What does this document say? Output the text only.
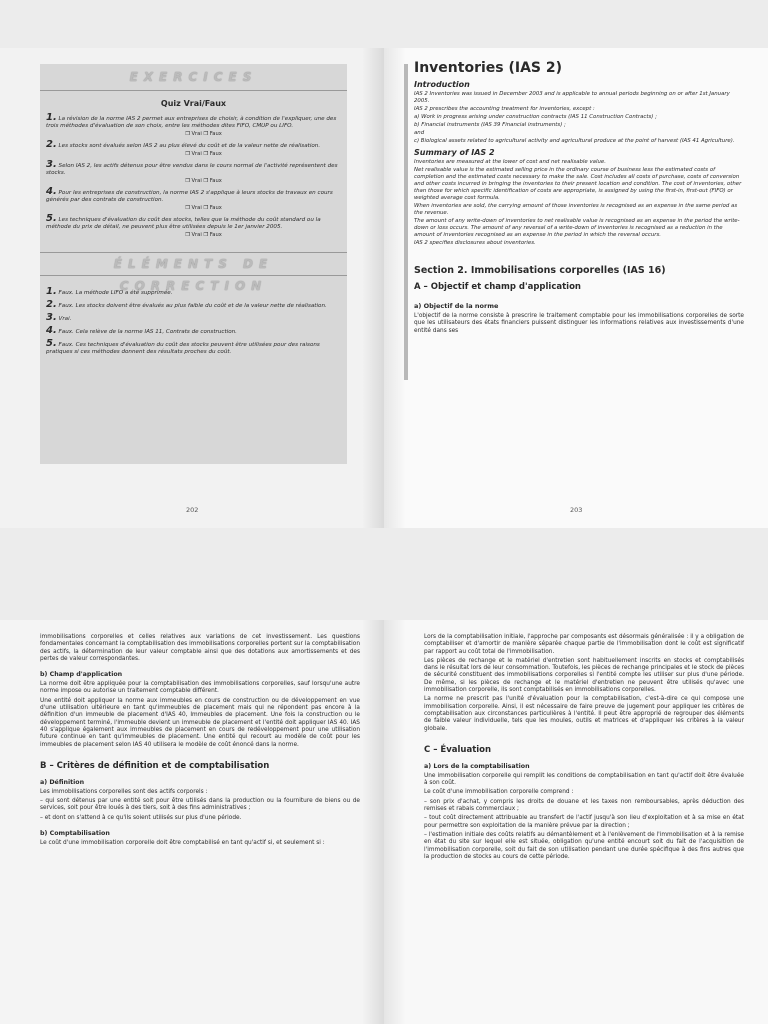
EXERCICES
Quiz Vrai/Faux
1. La révision de la norme IAS 2 permet aux entreprises de choisir, à condition de l'expliquer, une des trois méthodes d'évaluation de son choix, entre les méthodes dites FIFO, CMUP ou LIFO.
❒ Vrai ❒ Faux
2. Les stocks sont évalués selon IAS 2 au plus élevé du coût et de la valeur nette de réalisation.
❒ Vrai ❒ Faux
3. Selon IAS 2, les actifs détenus pour être vendus dans le cours normal de l'activité représentent des stocks.
❒ Vrai ❒ Faux
4. Pour les entreprises de construction, la norme IAS 2 s'applique à leurs stocks de travaux en cours générés par des contrats de construction.
❒ Vrai ❒ Faux
5. Les techniques d'évaluation du coût des stocks, telles que la méthode du coût standard ou la méthode du prix de détail, ne peuvent plus être utilisées depuis le 1er janvier 2005.
❒ Vrai ❒ Faux
ÉLÉMENTS DE CORRECTION
1. Faux. La méthode LIFO a été supprimée.
2. Faux. Les stocks doivent être évalués au plus faible du coût et de la valeur nette de réalisation.
3. Vrai.
4. Faux. Cela relève de la norme IAS 11, Contrats de construction.
5. Faux. Ces techniques d'évaluation du coût des stocks peuvent être utilisées pour des raisons pratiques si ces méthodes donnent des résultats proches du coût.
202
Inventories (IAS 2)
Introduction
IAS 2 Inventories was issued in December 2003 and is applicable to annual periods beginning on or after 1st January 2005.
IAS 2 prescribes the accounting treatment for inventories, except :
a) Work in progress arising under construction contracts (IAS 11 Construction Contracts) ;
b) Financial instruments (IAS 39 Financial instruments) ;
and
c) Biological assets related to agricultural activity and agricultural produce at the point of harvest (IAS 41 Agriculture).
Summary of IAS 2
Inventories are measured at the lower of cost and net realisable value.
Net realisable value is the estimated selling price in the ordinary course of business less the estimated costs of completion and the estimated costs necessary to make the sale. Cost includes all costs of purchase, costs of conversion and other costs incurred in bringing the inventories to their present location and condition. The cost of inventories, other than those for which specific identification of costs are appropriate, is assigned by using the first-in, first-out (FIFO) or weighted average cost formula.
When inventories are sold, the carrying amount of those inventories is recognised as an expense in the same period as the revenue.
The amount of any write-down of inventories to net realisable value is recognised as an expense in the period the write-down or loss occurs. The amount of any reversal of a write-down of inventories is recognised as a reduction in the amount of inventories recognised as an expense in the period in which the reversal occurs.
IAS 2 specifies disclosures about inventories.
Section 2. Immobilisations corporelles (IAS 16)
A – Objectif et champ d'application
a) Objectif de la norme
L'objectif de la norme consiste à prescrire le traitement comptable pour les immobilisations corporelles de sorte que les utilisateurs des états financiers puissent distinguer les informations relatives aux investissements d'une entité dans ses
203
immobilisations corporelles et celles relatives aux variations de cet investissement. Les questions fondamentales concernant la comptabilisation des immobilisations corporelles portent sur la comptabilisation des actifs, la détermination de leur valeur comptable ainsi que des dotations aux amortissements et des pertes de valeur correspondantes.
b) Champ d'application
La norme doit être appliquée pour la comptabilisation des immobilisations corporelles, sauf lorsqu'une autre norme impose ou autorise un traitement comptable différent.
Une entité doit appliquer la norme aux immeubles en cours de construction ou de développement en vue d'une utilisation ultérieure en tant qu'immeubles de placement mais qui ne répondent pas encore à la définition d'un immeuble de placement d'IAS 40, Immeubles de placement. Une fois la construction ou le développement terminé, l'immeuble devient un immeuble de placement et l'entité doit appliquer IAS 40. IAS 40 s'applique également aux immeubles de placement en cours de redéveloppement pour une utilisation future continue en tant qu'immeubles de placement. Une entité qui recourt au modèle de coût pour les immeubles de placement selon IAS 40 utilisera le modèle de coût énoncé dans la norme.
B – Critères de définition et de comptabilisation
a) Définition
Les immobilisations corporelles sont des actifs corporels :
– qui sont détenus par une entité soit pour être utilisés dans la production ou la fourniture de biens ou de services, soit pour être loués à des tiers, soit à des fins administratives ;
– et dont on s'attend à ce qu'ils soient utilisés sur plus d'une période.
b) Comptabilisation
Le coût d'une immobilisation corporelle doit être comptabilisé en tant qu'actif si, et seulement si :
Lors de la comptabilisation initiale, l'approche par composants est désormais généralisée : il y a obligation de comptabiliser et d'amortir de manière séparée chaque partie de l'immobilisation dont le coût est significatif par rapport au coût total de l'immobilisation.
Les pièces de rechange et le matériel d'entretien sont habituellement inscrits en stocks et comptabilisés dans le résultat lors de leur consommation. Toutefois, les pièces de rechange principales et le stock de pièces de sécurité constituent des immobilisations corporelles si l'entité compte les utiliser sur plus d'une période. De même, si les pièces de rechange et le matériel d'entretien ne peuvent être utilisés qu'avec une immobilisation corporelle, ils sont comptabilisés en immobilisations corporelles.
La norme ne prescrit pas l'unité d'évaluation pour la comptabilisation, c'est-à-dire ce qui compose une immobilisation corporelle. Ainsi, il est nécessaire de faire preuve de jugement pour appliquer les critères de comptabilisation aux circonstances particulières à l'entité. Il peut être approprié de regrouper des éléments de faible valeur individuelle, tels que les moules, outils et matrices et d'appliquer les critères à la valeur globale.
C – Évaluation
a) Lors de la comptabilisation
Une immobilisation corporelle qui remplit les conditions de comptabilisation en tant qu'actif doit être évaluée à son coût.
Le coût d'une immobilisation corporelle comprend :
– son prix d'achat, y compris les droits de douane et les taxes non remboursables, après déduction des remises et rabais commerciaux ;
– tout coût directement attribuable au transfert de l'actif jusqu'à son lieu d'exploitation et à sa mise en état pour permettre son exploitation de la manière prévue par la direction ;
– l'estimation initiale des coûts relatifs au démantèlement et à l'enlèvement de l'immobilisation et à la remise en état du site sur lequel elle est située, obligation qu'une entité encourt soit du fait de l'acquisition de l'immobilisation corporelle, soit du fait de son utilisation pendant une durée spécifique à des fins autres que la production de stocks au cours de cette période.
